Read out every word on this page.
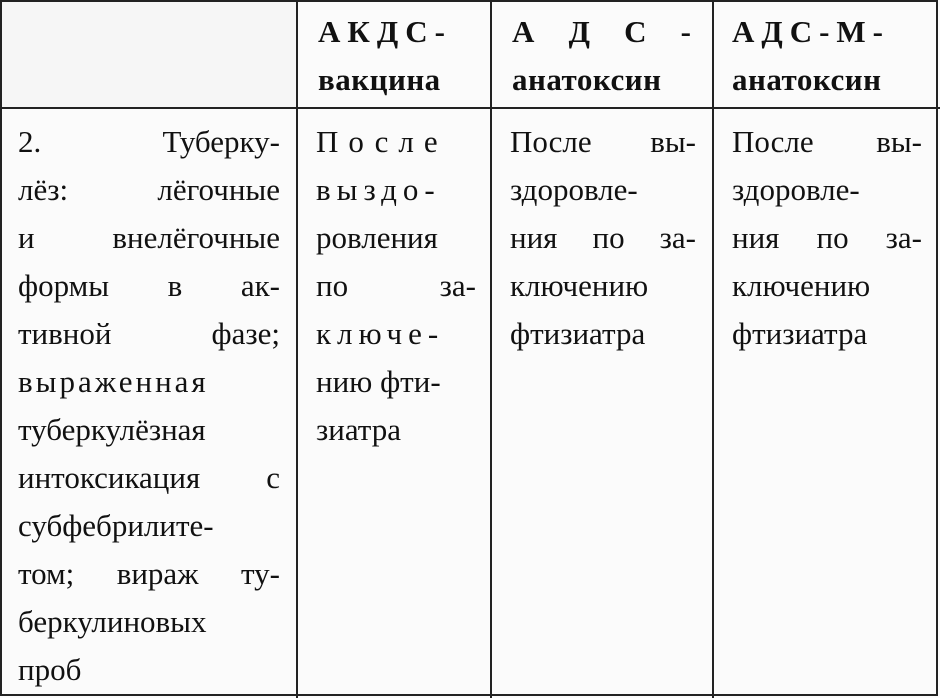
АКДС-
вакцина
А Д С -
анатоксин
АДС-М-
анатоксин
2. Туберку-
лёз: лёгочные
и внелёгочные
формы в ак-
тивной фазе;
выраженная
туберкулёзная
интоксикация с
субфебрилите-
том; вираж ту-
беркулиновых
проб
После
выздо-
ровления
по за-
ключе-
нию фти-
зиатра
После вы-
здоровле-
ния по за-
ключению
фтизиатра
После вы-
здоровле-
ния по за-
ключению
фтизиатра
